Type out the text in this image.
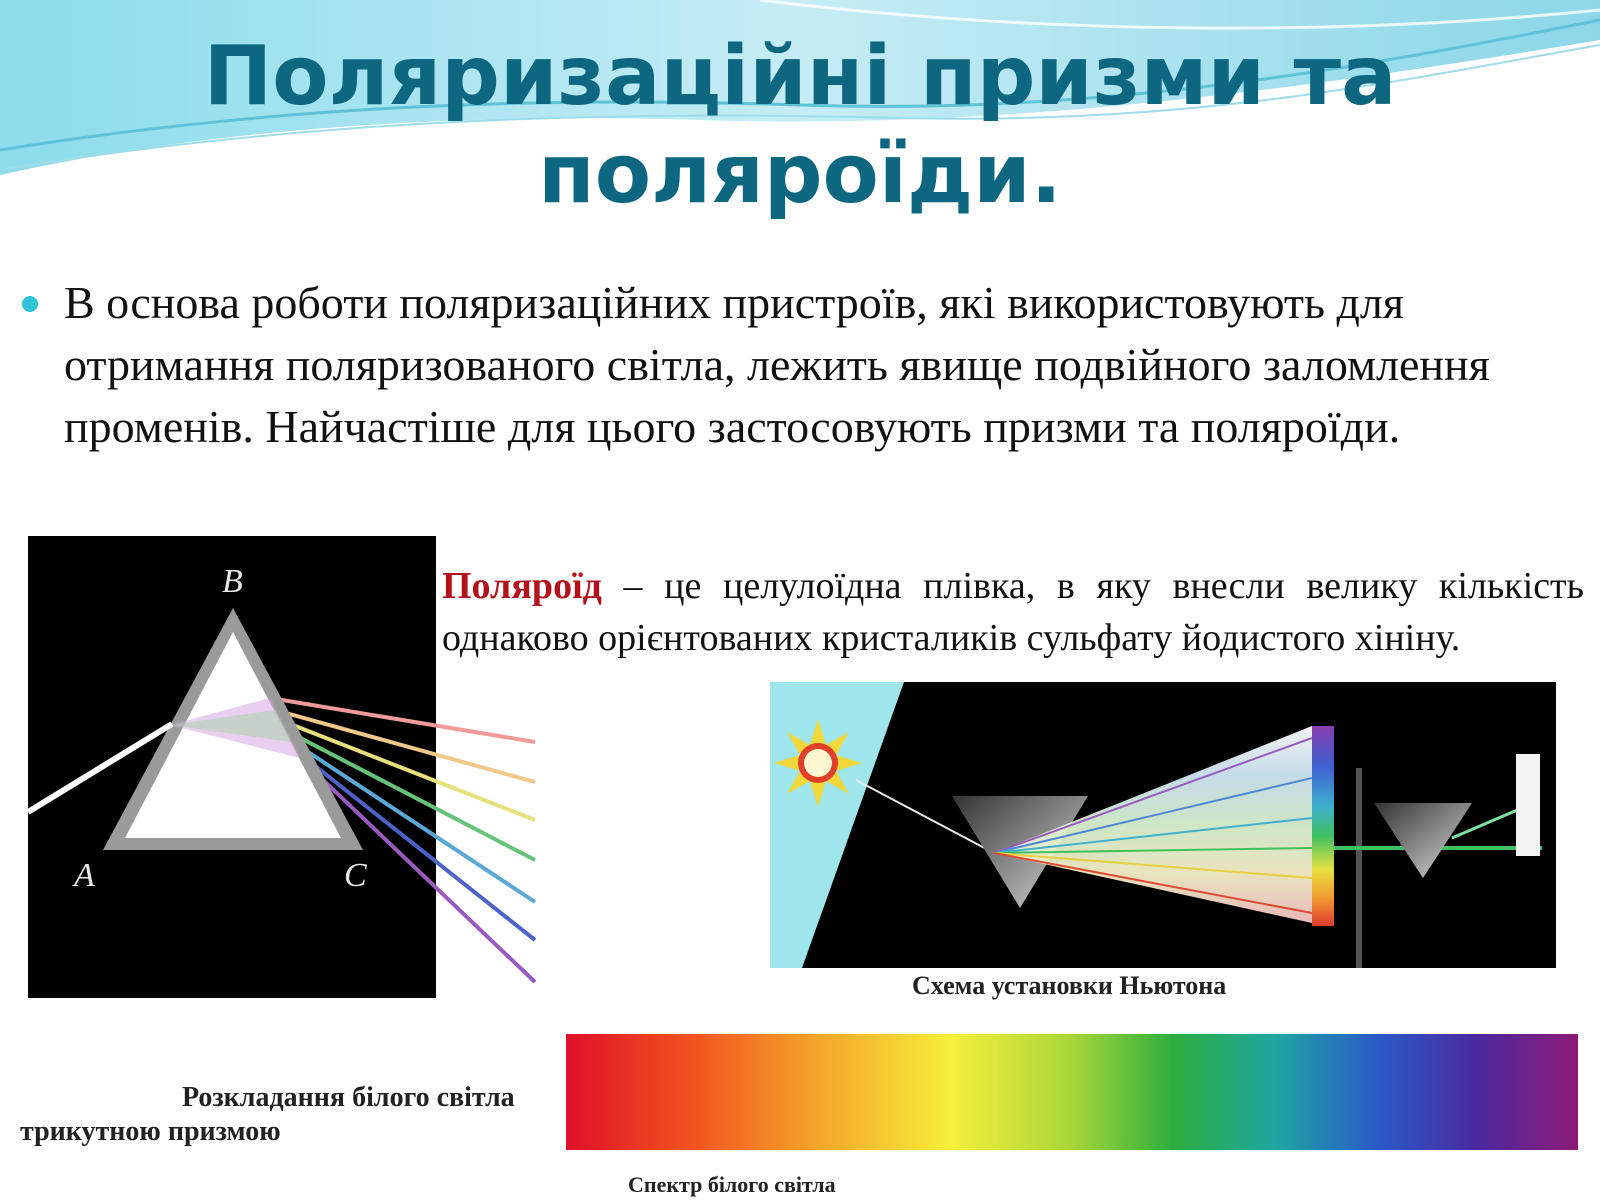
Поляризаційні призми та поляроїди.

В основа роботи поляризаційних пристроїв, які використовують для отримання поляризованого світла, лежить явище подвійного заломлення променів. Найчастіше для цього застосовують призми та поляроїди.

B
A	C
Розкладання білого світла
трикутною призмою

Поляроїд – це целулоїдна плівка, в яку внесли велику кількість однаково орієнтованих кристаликів сульфату йодистого хініну.

Схема установки Ньютона
Спектр білого світла
